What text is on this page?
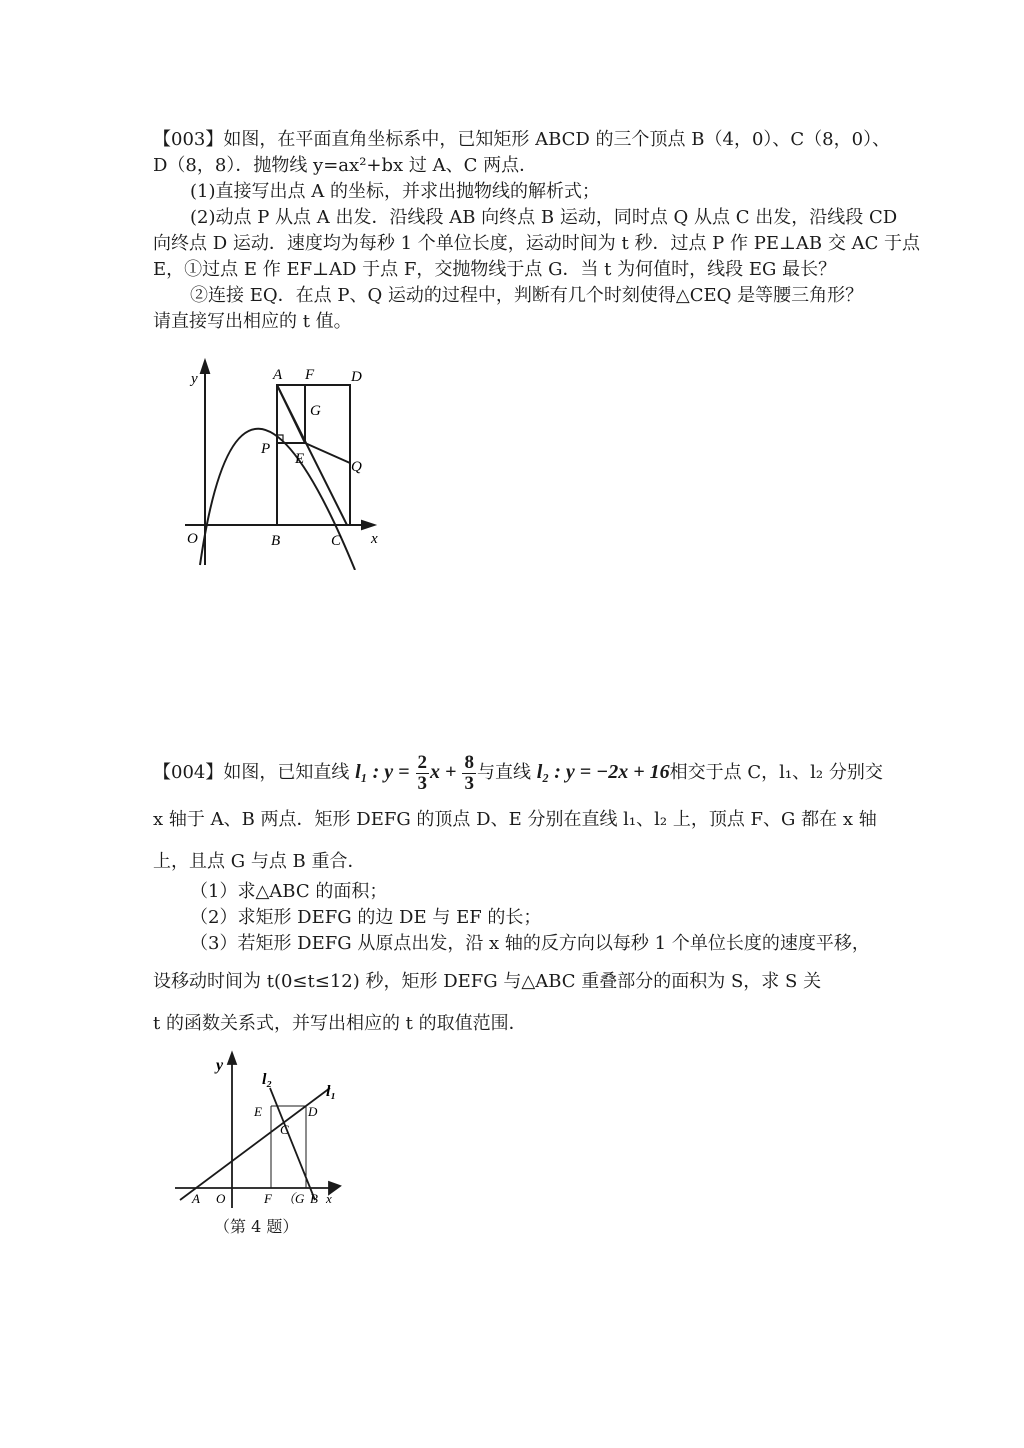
【003】如图，在平面直角坐标系中，已知矩形 ABCD 的三个顶点 B（4，0）、C（8，0）、
D（8，8）．抛物线 y=ax²+bx 过 A、C 两点．
(1)直接写出点 A 的坐标，并求出抛物线的解析式；
(2)动点 P 从点 A 出发．沿线段 AB 向终点 B 运动，同时点 Q 从点 C 出发，沿线段 CD
向终点 D 运动．速度均为每秒 1 个单位长度，运动时间为 t 秒．过点 P 作 PE⊥AB 交 AC 于点
E，①过点 E 作 EF⊥AD 于点 F，交抛物线于点 G．当 t 为何值时，线段 EG 最长？
②连接 EQ．在点 P、Q 运动的过程中，判断有几个时刻使得△CEQ 是等腰三角形？
请直接写出相应的 t 值。
y	A F D
G
P
E	Q
O	B	C x
【004】如图，已知直线 l₁ : $y = \frac{2}{3}$ $x + \frac{8}{3}$ 与直线 l₂ : y = −2x + 16相交于点 C，l₁、l₂ 分别交
x 轴于 A、B 两点．矩形 DEFG 的顶点 D、E 分别在直线 l₁、l₂ 上，顶点 F、G 都在 x 轴
上，且点 G 与点 B 重合．
（1）求△ABC 的面积；
（2）求矩形 DEFG 的边 DE 与 EF 的长；
（3）若矩形 DEFG 从原点出发，沿 x 轴的反方向以每秒 1 个单位长度的速度平移，
设移动时间为 t(0≤t≤12) 秒，矩形 DEFG 与△ABC 重叠部分的面积为 S，求 S 关
t 的函数关系式，并写出相应的 t 的取值范围．
y
l₂
l₁
E	D
C
A O	F （G B x
（第 4 题）
